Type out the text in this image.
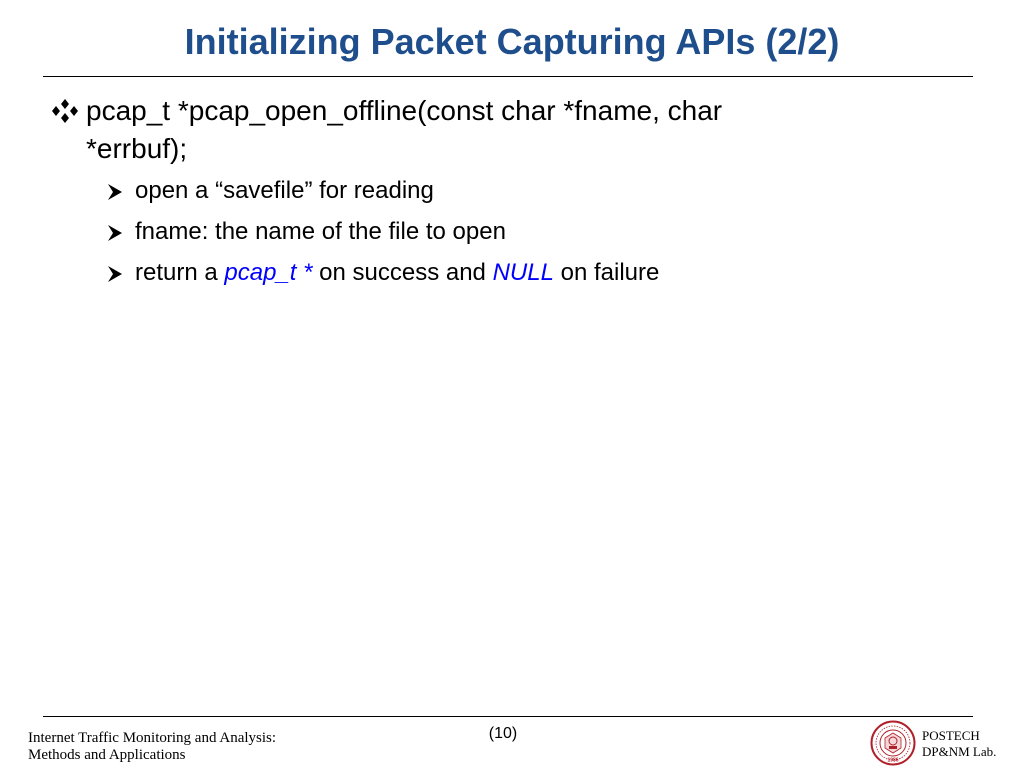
Initializing Packet Capturing APIs (2/2)
pcap_t *pcap_open_offline(const char *fname, char
*errbuf);
open a “savefile” for reading
fname: the name of the file to open
return a pcap_t * on success and NULL on failure
Internet Traffic Monitoring and Analysis:
Methods and Applications
(10)
1986
POSTECH
DP&NM Lab.
